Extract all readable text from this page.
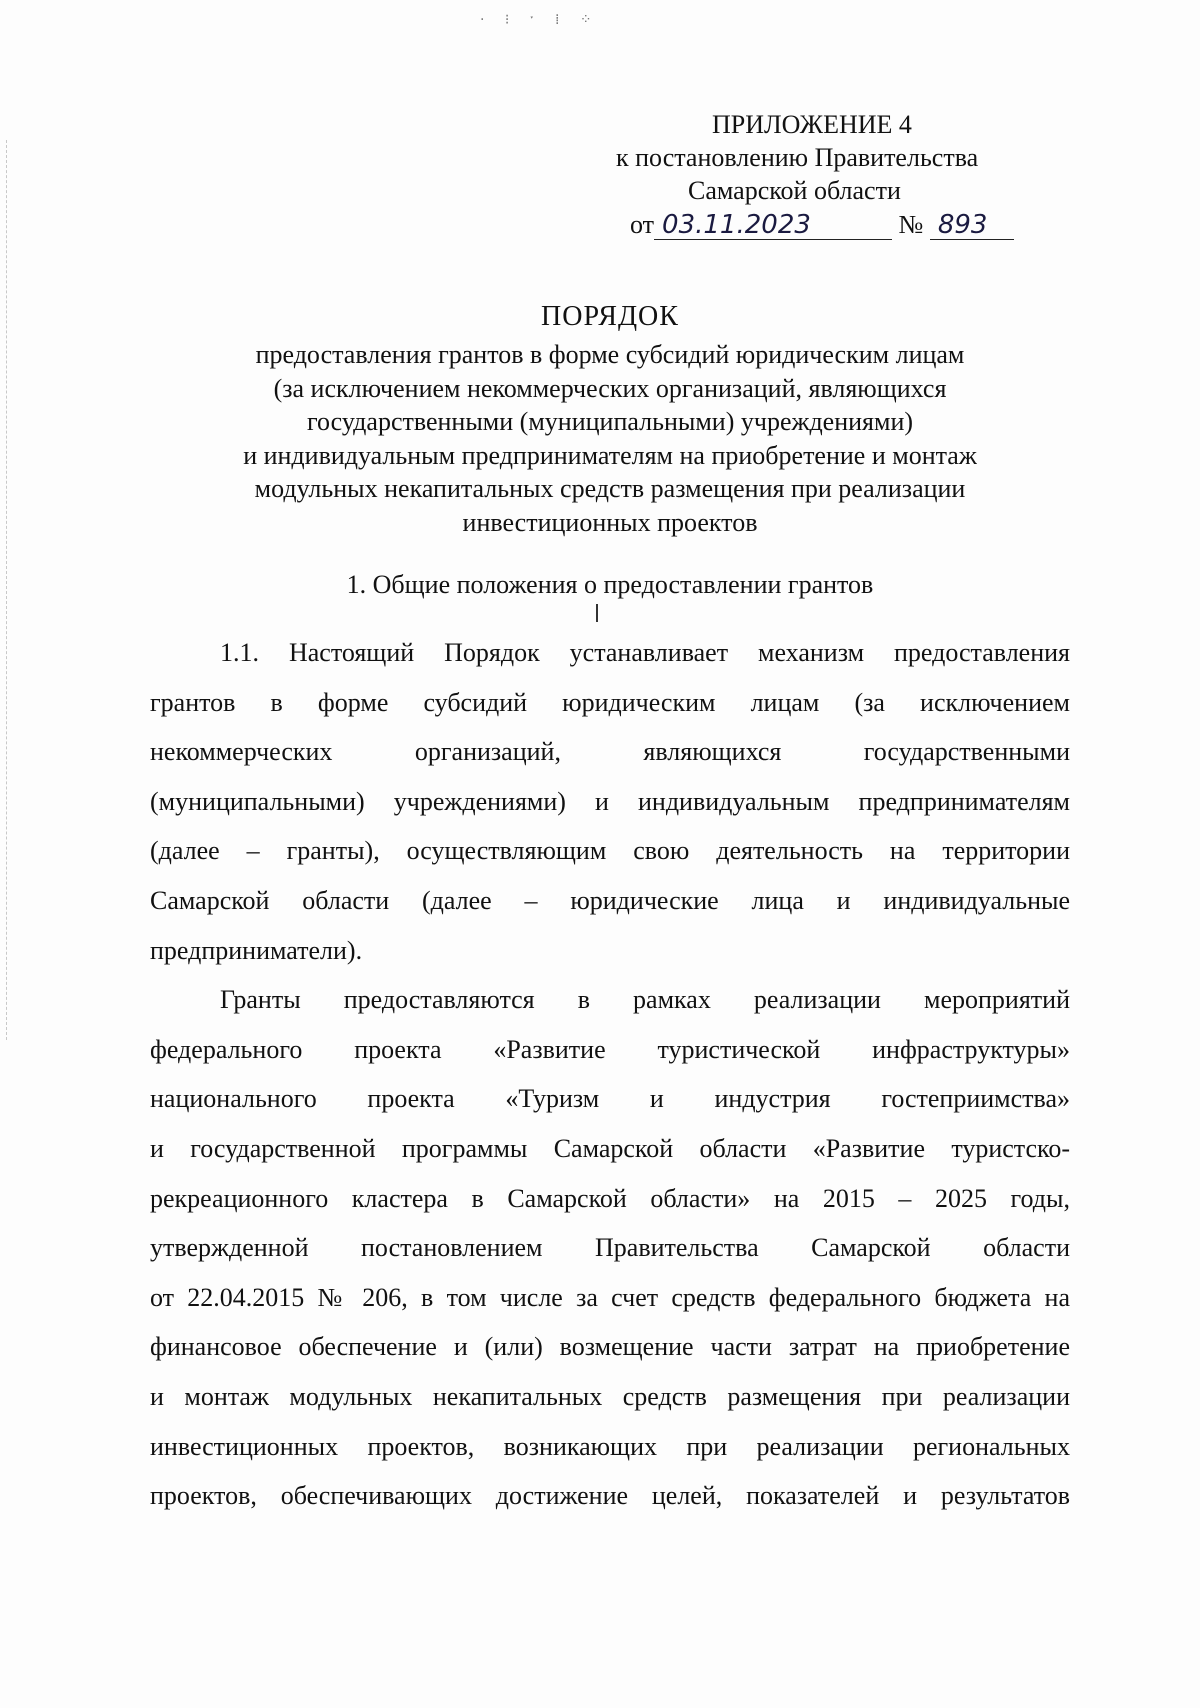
· ⁝ ˑ ⁞ ⁘
ПРИЛОЖЕНИЕ 4
к постановлению Правительства
Самарской области
от 03.11.2023	№ 893
ПОРЯДОК
предоставления грантов в форме субсидий юридическим лицам
(за исключением некоммерческих организаций, являющихся
государственными (муниципальными) учреждениями)
и индивидуальным предпринимателям на приобретение и монтаж
модульных некапитальных средств размещения при реализации
инвестиционных проектов
1. Общие положения о предоставлении грантов
1.1. Настоящий Порядок устанавливает механизм предоставления
грантов в форме субсидий юридическим лицам (за исключением
некоммерческих организаций, являющихся государственными
(муниципальными) учреждениями) и индивидуальным предпринимателям
(далее – гранты), осуществляющим свою деятельность на территории
Самарской области (далее – юридические лица и индивидуальные
предприниматели).
Гранты предоставляются в рамках реализации мероприятий
федерального проекта «Развитие туристической инфраструктуры»
национального проекта «Туризм и индустрия гостеприимства»
и государственной программы Самарской области «Развитие туристско-
рекреационного кластера в Самарской области» на 2015 – 2025 годы,
утвержденной постановлением Правительства Самарской области
от 22.04.2015 № 206, в том числе за счет средств федерального бюджета на
финансовое обеспечение и (или) возмещение части затрат на приобретение
и монтаж модульных некапитальных средств размещения при реализации
инвестиционных проектов, возникающих при реализации региональных
проектов, обеспечивающих достижение целей, показателей и результатов
